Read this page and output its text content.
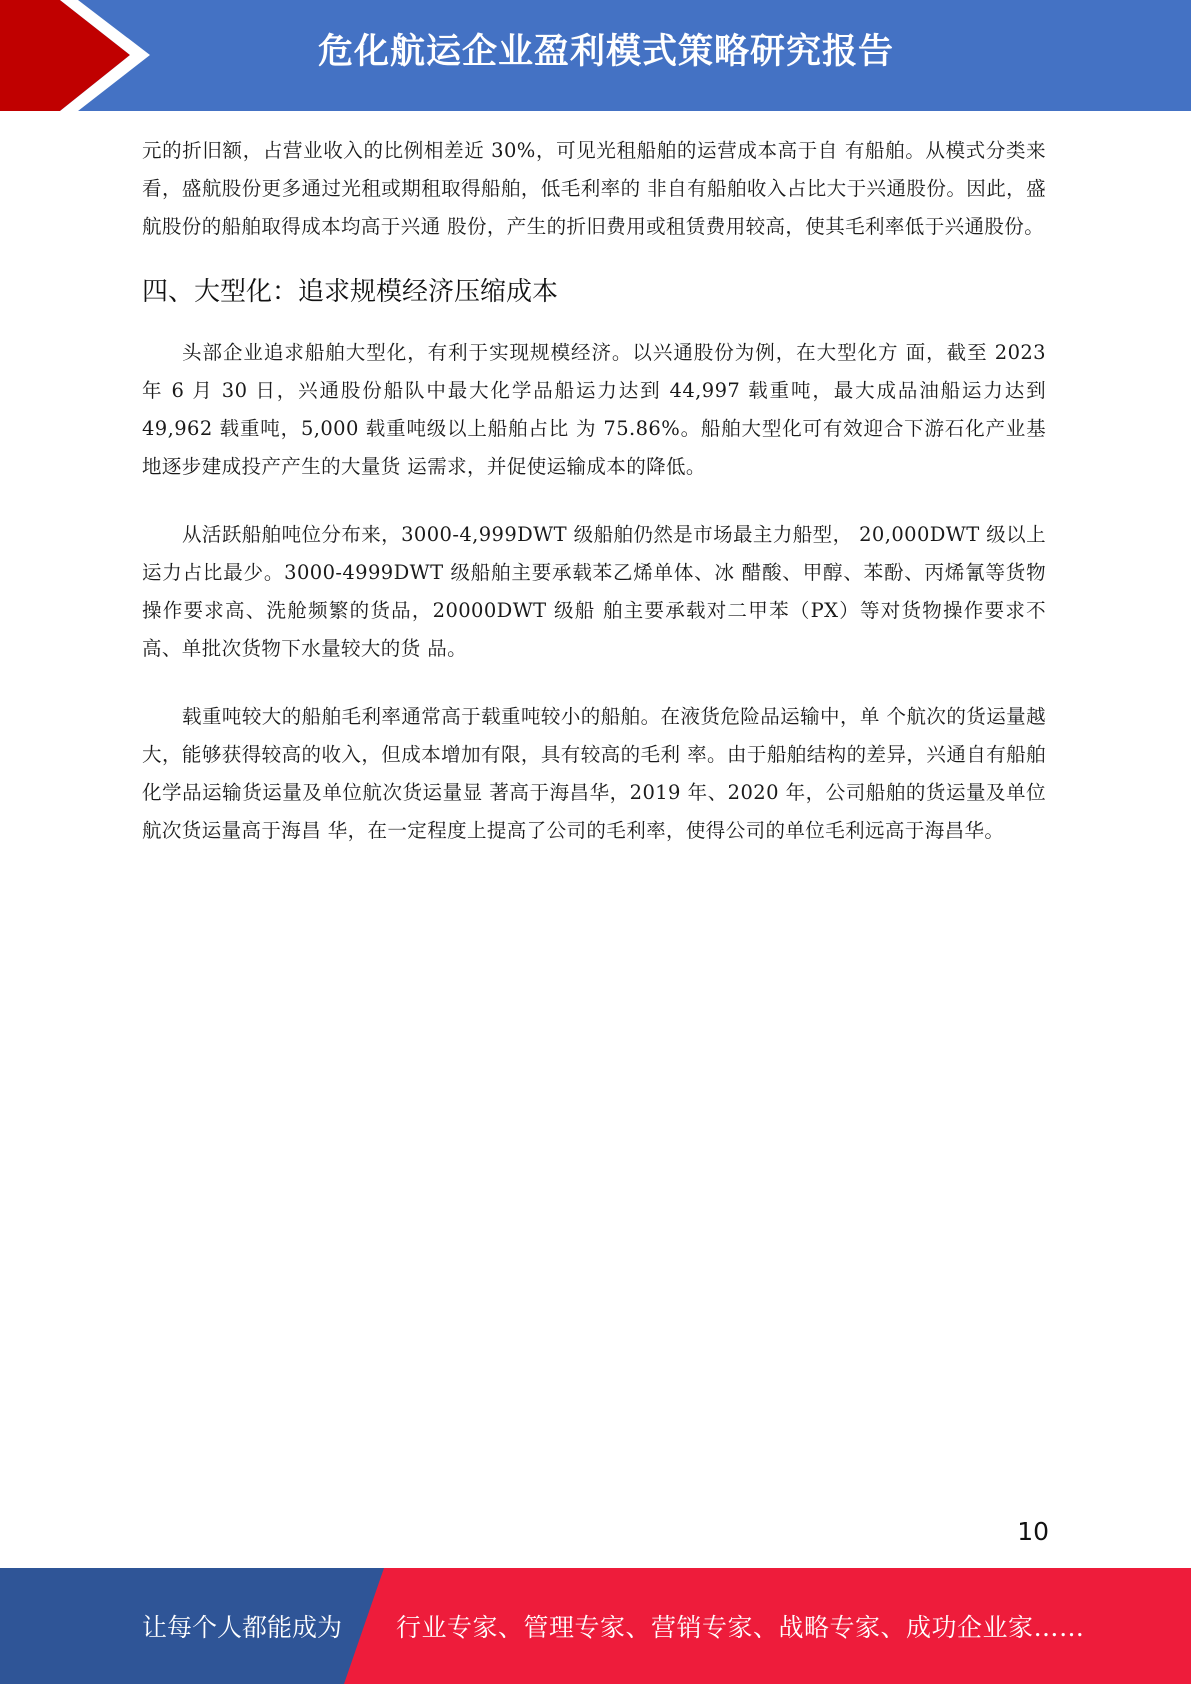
危化航运企业盈利模式策略研究报告

元的折旧额，占营业收入的比例相差近 30%，可见光租船舶的运营成本高于自 有船舶。从模式分类来看，盛航股份更多通过光租或期租取得船舶，低毛利率的 非自有船舶收入占比大于兴通股份。因此，盛航股份的船舶取得成本均高于兴通 股份，产生的折旧费用或租赁费用较高，使其毛利率低于兴通股份。

四、大型化：追求规模经济压缩成本

头部企业追求船舶大型化，有利于实现规模经济。以兴通股份为例，在大型化方 面，截至 2023 年 6 月 30 日，兴通股份船队中最大化学品船运力达到 44,997 载重吨，最大成品油船运力达到 49,962 载重吨，5,000 载重吨级以上船舶占比 为 75.86%。船舶大型化可有效迎合下游石化产业基地逐步建成投产产生的大量货 运需求，并促使运输成本的降低。

从活跃船舶吨位分布来，3000-4,999DWT 级船舶仍然是市场最主力船型， 20,000DWT 级以上运力占比最少。3000-4999DWT 级船舶主要承载苯乙烯单体、冰 醋酸、甲醇、苯酚、丙烯氰等货物操作要求高、洗舱频繁的货品，20000DWT 级船 舶主要承载对二甲苯（PX）等对货物操作要求不高、单批次货物下水量较大的货 品。

载重吨较大的船舶毛利率通常高于载重吨较小的船舶。在液货危险品运输中，单 个航次的货运量越大，能够获得较高的收入，但成本增加有限，具有较高的毛利 率。由于船舶结构的差异，兴通自有船舶化学品运输货运量及单位航次货运量显 著高于海昌华，2019 年、2020 年，公司船舶的货运量及单位航次货运量高于海昌 华，在一定程度上提高了公司的毛利率，使得公司的单位毛利远高于海昌华。

10
让每个人都能成为 行业专家、管理专家、营销专家、战略专家、成功企业家……
